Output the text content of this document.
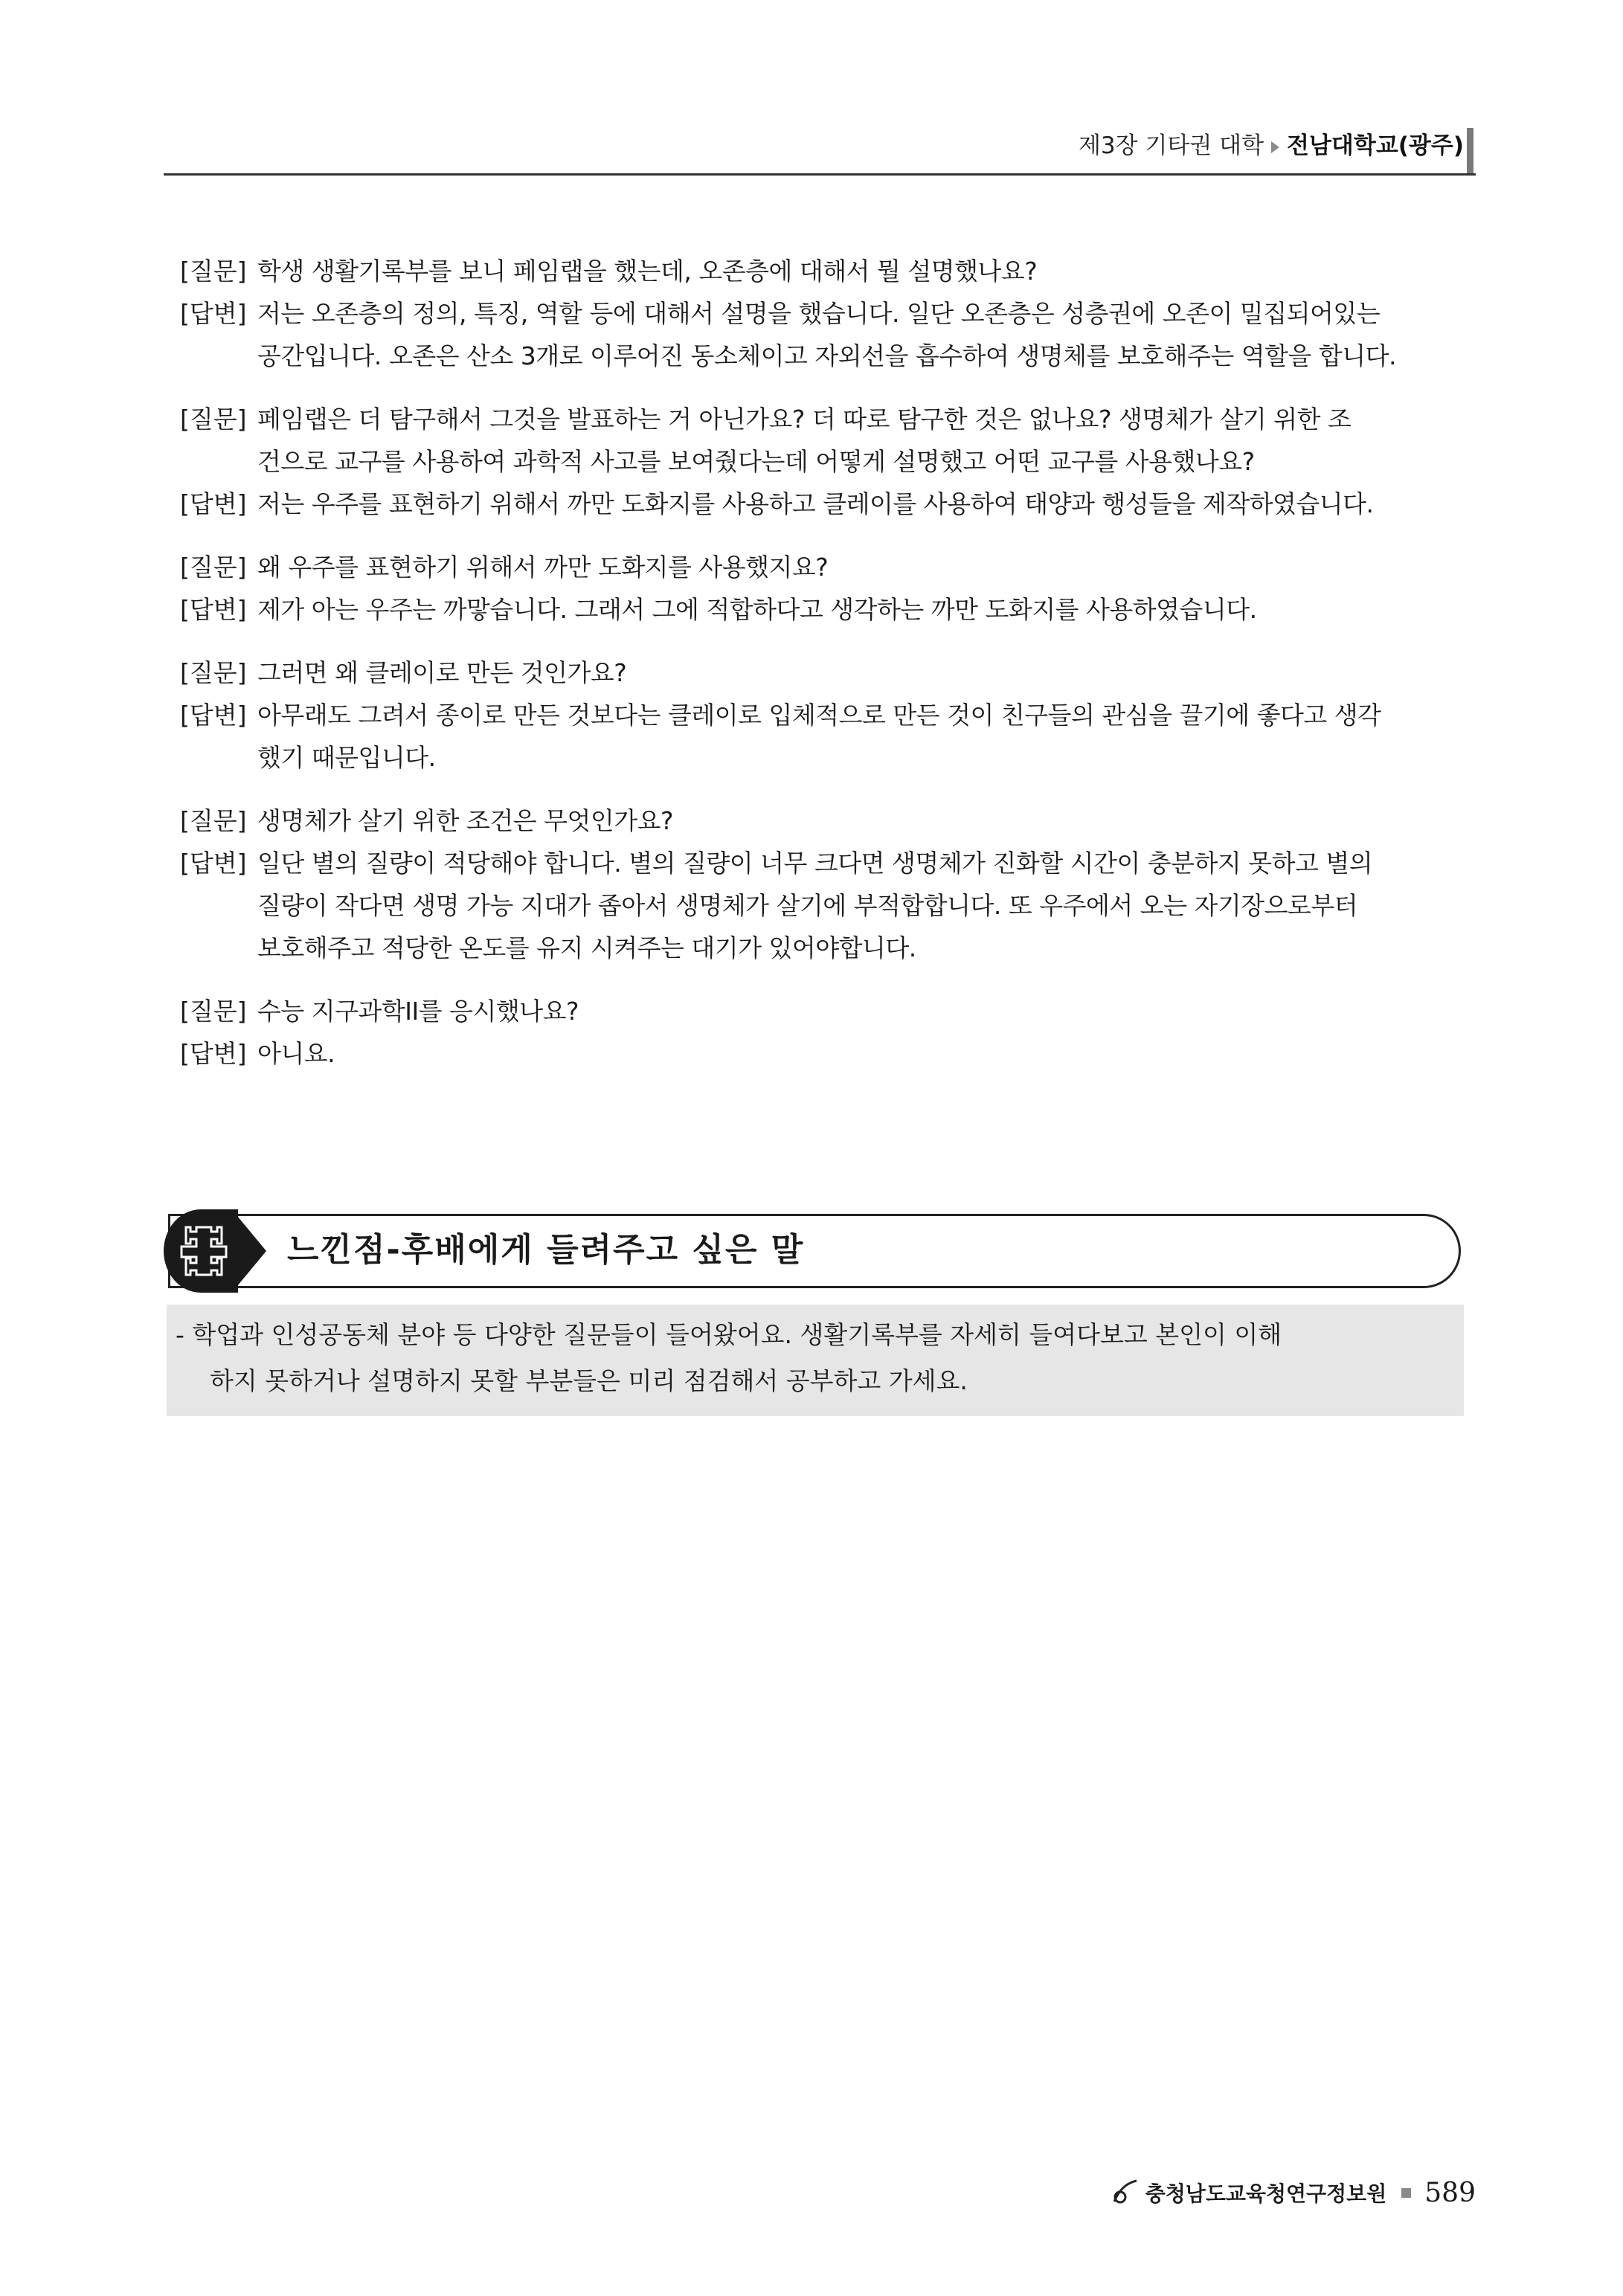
제3장 기타권 대학 전남대학교(광주)
[질문] 학생 생활기록부를 보니 페임랩을 했는데, 오존층에 대해서 뭘 설명했나요?
[답변] 저는 오존층의 정의, 특징, 역할 등에 대해서 설명을 했습니다. 일단 오존층은 성층권에 오존이 밀집되어있는
공간입니다. 오존은 산소 3개로 이루어진 동소체이고 자외선을 흡수하여 생명체를 보호해주는 역할을 합니다.
[질문] 페임랩은 더 탐구해서 그것을 발표하는 거 아닌가요? 더 따로 탐구한 것은 없나요? 생명체가 살기 위한 조
건으로 교구를 사용하여 과학적 사고를 보여줬다는데 어떻게 설명했고 어떤 교구를 사용했나요?
[답변] 저는 우주를 표현하기 위해서 까만 도화지를 사용하고 클레이를 사용하여 태양과 행성들을 제작하였습니다.
[질문] 왜 우주를 표현하기 위해서 까만 도화지를 사용했지요?
[답변] 제가 아는 우주는 까맣습니다. 그래서 그에 적합하다고 생각하는 까만 도화지를 사용하였습니다.
[질문] 그러면 왜 클레이로 만든 것인가요?
[답변] 아무래도 그려서 종이로 만든 것보다는 클레이로 입체적으로 만든 것이 친구들의 관심을 끌기에 좋다고 생각
했기 때문입니다.
[질문] 생명체가 살기 위한 조건은 무엇인가요?
[답변] 일단 별의 질량이 적당해야 합니다. 별의 질량이 너무 크다면 생명체가 진화할 시간이 충분하지 못하고 별의
질량이 작다면 생명 가능 지대가 좁아서 생명체가 살기에 부적합합니다. 또 우주에서 오는 자기장으로부터
보호해주고 적당한 온도를 유지 시켜주는 대기가 있어야합니다.
[질문] 수능 지구과학II를 응시했나요?
[답변] 아니요.
느낀점-후배에게 들려주고 싶은 말
- 학업과 인성공동체 분야 등 다양한 질문들이 들어왔어요. 생활기록부를 자세히 들여다보고 본인이 이해
하지 못하거나 설명하지 못할 부분들은 미리 점검해서 공부하고 가세요.
충청남도교육청연구정보원 589
